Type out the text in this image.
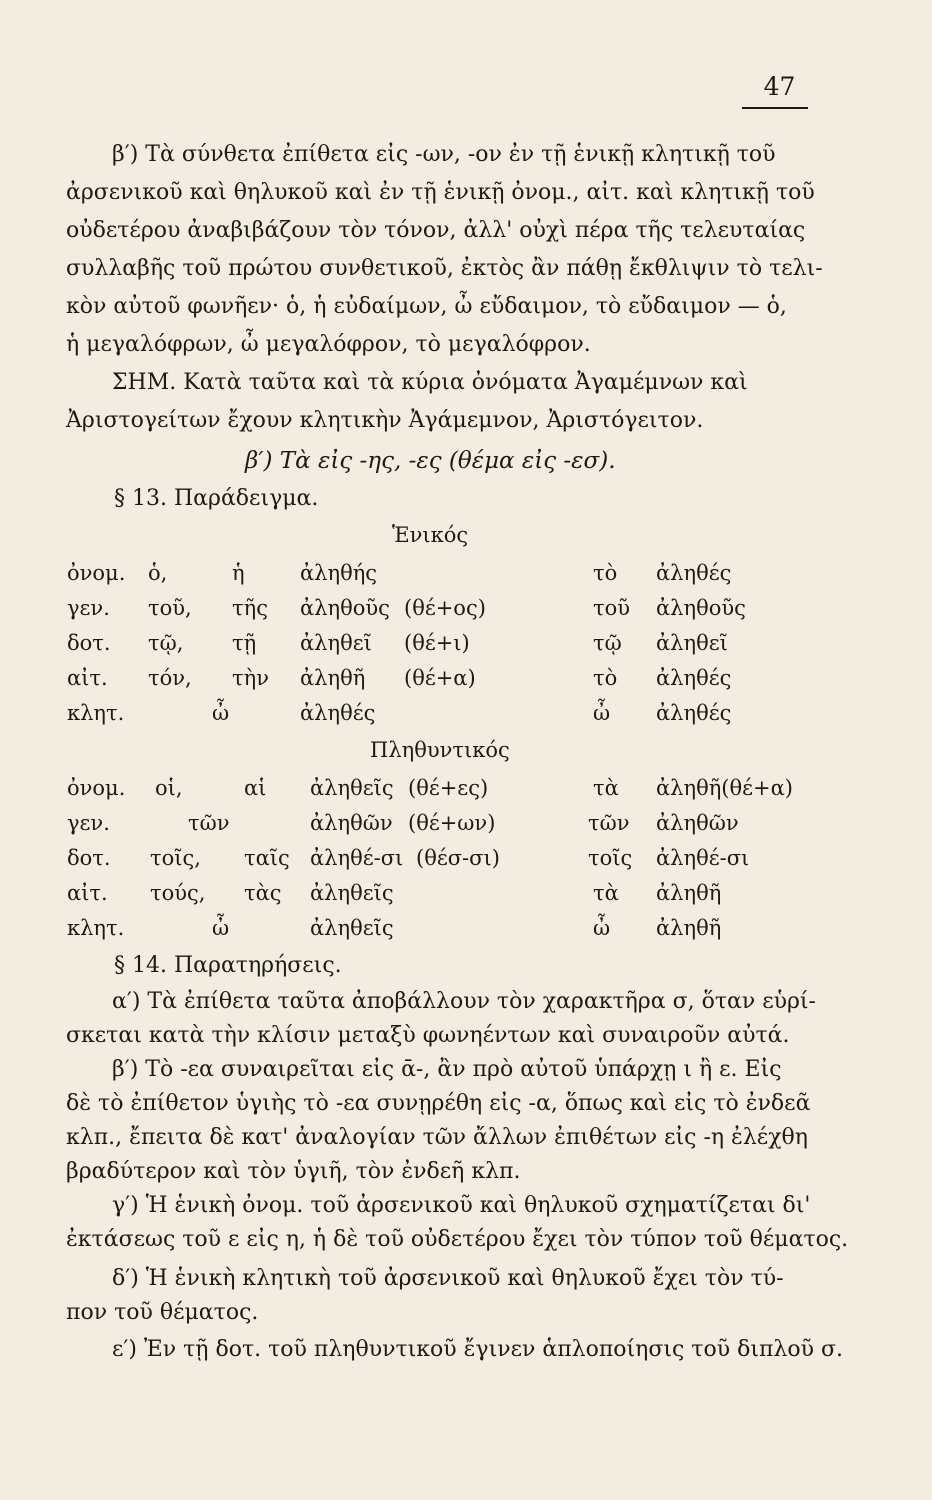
47
β′) Τὰ σύνθετα ἐπίθετα εἰς -ων, -ον ἐν τῇ ἑνικῇ κλητικῇ τοῦ
ἀρσενικοῦ καὶ θηλυκοῦ καὶ ἐν τῇ ἑνικῇ ὀνομ., αἰτ. καὶ κλητικῇ τοῦ
οὐδετέρου ἀναβιβάζουν τὸν τόνον, ἀλλ' οὐχὶ πέρα τῆς τελευταίας
συλλαβῆς τοῦ πρώτου συνθετικοῦ, ἐκτὸς ἂν πάθῃ ἔκθλιψιν τὸ τελι-
κὸν αὐτοῦ φωνῆεν· ὁ, ἡ εὐδαίμων, ὦ εὔδαιμον, τὸ εὔδαιμον — ὁ,
ἡ μεγαλόφρων, ὦ μεγαλόφρον, τὸ μεγαλόφρον.
ΣΗΜ. Κατὰ ταῦτα καὶ τὰ κύρια ὀνόματα Ἀγαμέμνων καὶ
Ἀριστογείτων ἔχουν κλητικὴν Ἀγάμεμνον, Ἀριστόγειτον.
β′) Τὰ εἰς -ης, -ες (θέμα εἰς -εσ).
§ 13. Παράδειγμα.
Ἑνικός
ὀνομ. ὁ,	ἡ	ἀληθής	τὸ ἀληθές
γεν. τοῦ, τῆς ἀληθοῦς (θέ+ος)	τοῦ ἀληθοῦς
δοτ. τῷ, τῇ ἀληθεῖ (θέ+ι)	τῷ ἀληθεῖ
αἰτ. τόν, τὴν ἀληθῆ (θέ+α)	τὸ ἀληθές
κλητ.	ὦ	ἀληθές	ὦ ἀληθές
Πληθυντικός
ὀνομ. οἱ,	αἱ ἀληθεῖς (θέ+ες)	τὰ ἀληθῆ(θέ+α)
γεν.	τῶν	ἀληθῶν (θέ+ων)	τῶν ἀληθῶν
δοτ. τοῖς, ταῖς ἀληθέ-σι (θέσ-σι)	τοῖς ἀληθέ-σι
αἰτ. τούς, τὰς ἀληθεῖς	τὰ ἀληθῆ
κλητ.	ὦ	ἀληθεῖς	ὦ ἀληθῆ
§ 14. Παρατηρήσεις.
α′) Τὰ ἐπίθετα ταῦτα ἀποβάλλουν τὸν χαρακτῆρα σ, ὅταν εὑρί-
σκεται κατὰ τὴν κλίσιν μεταξὺ φωνηέντων καὶ συναιροῦν αὐτά.
β′) Τὸ -εα συναιρεῖται εἰς ᾱ-, ἂν πρὸ αὐτοῦ ὑπάρχῃ ι ἢ ε. Εἰς
δὲ τὸ ἐπίθετον ὑγιὴς τὸ -εα συνῃρέθη εἰς -α, ὅπως καὶ εἰς τὸ ἐνδεᾶ
κλπ., ἔπειτα δὲ κατ' ἀναλογίαν τῶν ἄλλων ἐπιθέτων εἰς -η ἐλέχθη
βραδύτερον καὶ τὸν ὑγιῆ, τὸν ἐνδεῆ κλπ.
γ′) Ἡ ἑνικὴ ὀνομ. τοῦ ἀρσενικοῦ καὶ θηλυκοῦ σχηματίζεται δι'
ἐκτάσεως τοῦ ε εἰς η, ἡ δὲ τοῦ οὐδετέρου ἔχει τὸν τύπον τοῦ θέματος.
δ′) Ἡ ἑνικὴ κλητικὴ τοῦ ἀρσενικοῦ καὶ θηλυκοῦ ἔχει τὸν τύ-
πον τοῦ θέματος.
ε′) Ἐν τῇ δοτ. τοῦ πληθυντικοῦ ἔγινεν ἁπλοποίησις τοῦ διπλοῦ σ.
